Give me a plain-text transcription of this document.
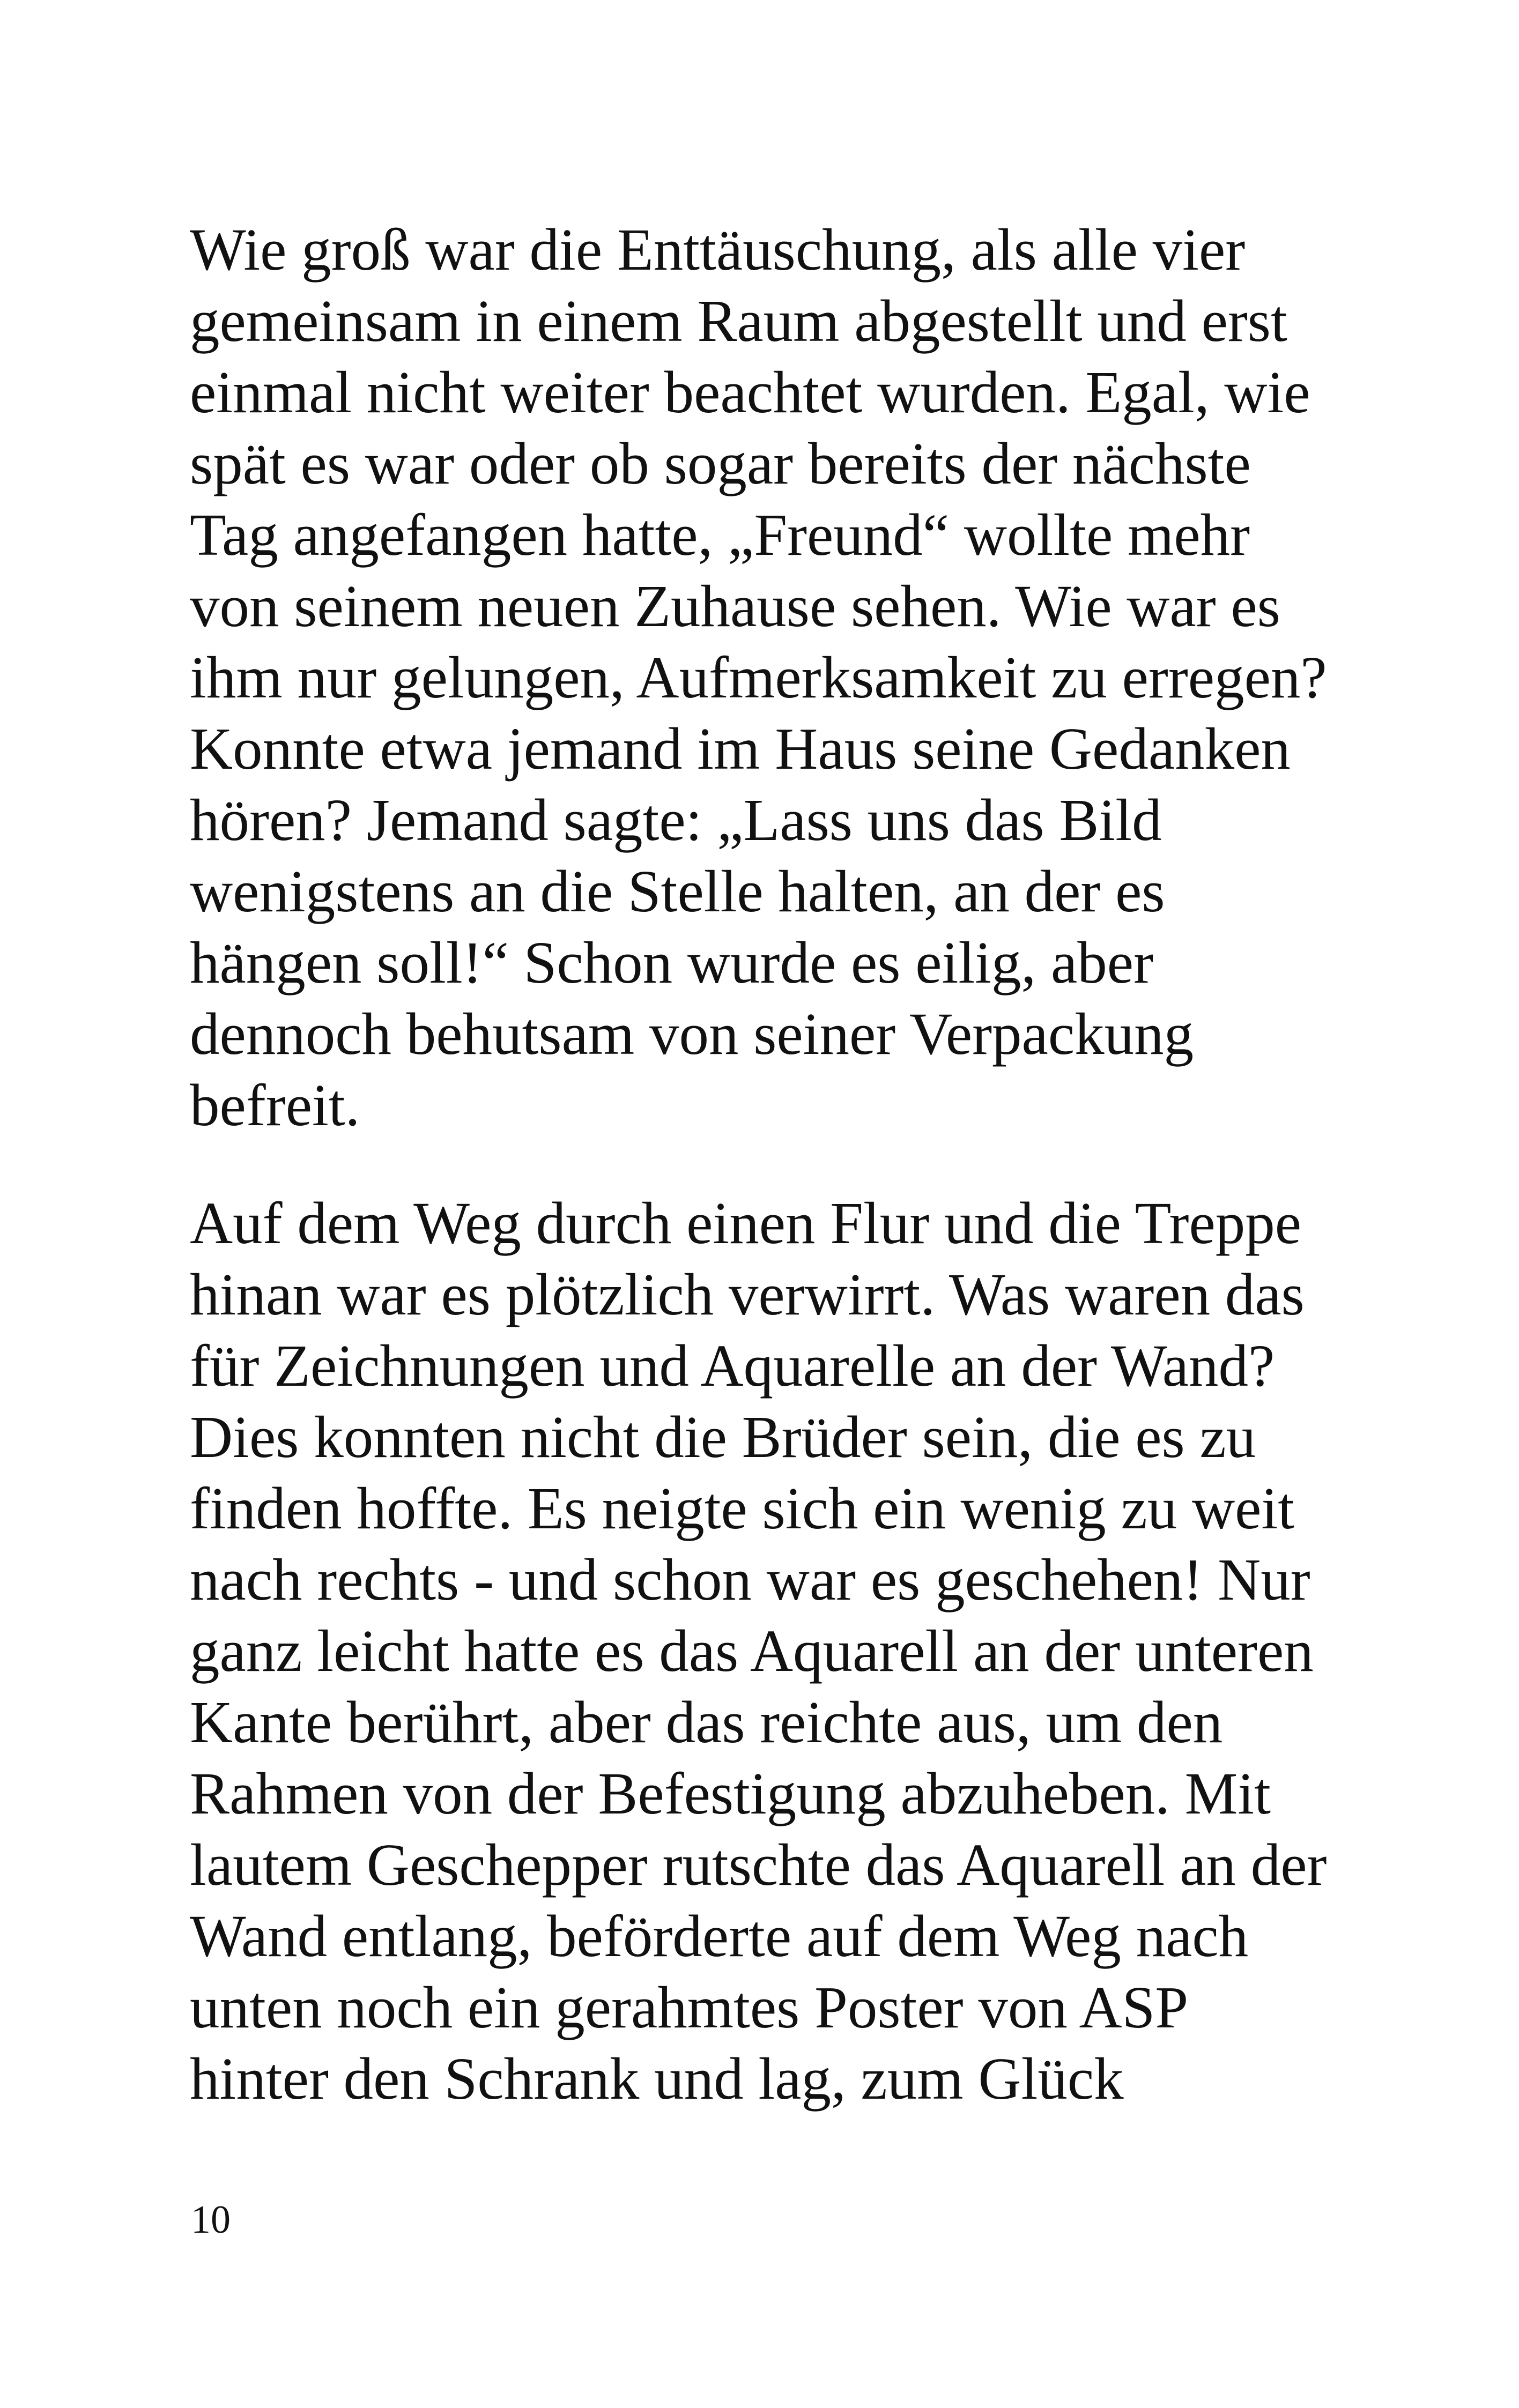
Wie groß war die Enttäuschung, als alle vier
gemeinsam in einem Raum abgestellt und erst
einmal nicht weiter beachtet wurden. Egal, wie
spät es war oder ob sogar bereits der nächste
Tag angefangen hatte, „Freund“ wollte mehr
von seinem neuen Zuhause sehen. Wie war es
ihm nur gelungen, Aufmerksamkeit zu erregen?
Konnte etwa jemand im Haus seine Gedanken
hören? Jemand sagte: „Lass uns das Bild
wenigstens an die Stelle halten, an der es
hängen soll!“ Schon wurde es eilig, aber
dennoch behutsam von seiner Verpackung
befreit.

Auf dem Weg durch einen Flur und die Treppe
hinan war es plötzlich verwirrt. Was waren das
für Zeichnungen und Aquarelle an der Wand?
Dies konnten nicht die Brüder sein, die es zu
finden hoffte. Es neigte sich ein wenig zu weit
nach rechts - und schon war es geschehen! Nur
ganz leicht hatte es das Aquarell an der unteren
Kante berührt, aber das reichte aus, um den
Rahmen von der Befestigung abzuheben. Mit
lautem Geschepper rutschte das Aquarell an der
Wand entlang, beförderte auf dem Weg nach
unten noch ein gerahmtes Poster von ASP
hinter den Schrank und lag, zum Glück

10
